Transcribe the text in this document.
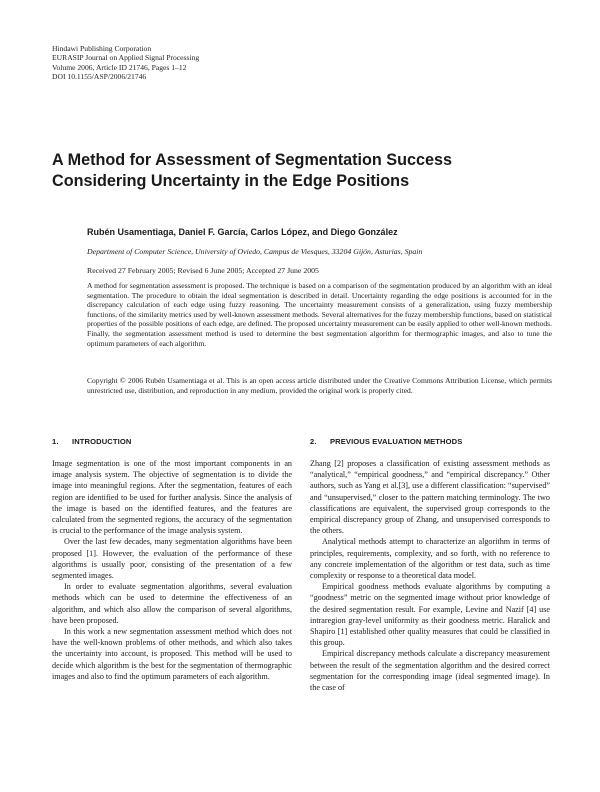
Hindawi Publishing Corporation
EURASIP Journal on Applied Signal Processing
Volume 2006, Article ID 21746, Pages 1–12
DOI 10.1155/ASP/2006/21746
A Method for Assessment of Segmentation Success
Considering Uncertainty in the Edge Positions
Rubén Usamentiaga, Daniel F. García, Carlos López, and Diego González
Department of Computer Science, University of Oviedo, Campus de Viesques, 33204 Gijón, Asturias, Spain
Received 27 February 2005; Revised 6 June 2005; Accepted 27 June 2005
A method for segmentation assessment is proposed. The technique is based on a comparison of the segmentation produced by an algorithm with an ideal segmentation. The procedure to obtain the ideal segmentation is described in detail. Uncertainty regarding the edge positions is accounted for in the discrepancy calculation of each edge using fuzzy reasoning. The uncertainty measurement consists of a generalization, using fuzzy membership functions, of the similarity metrics used by well-known assessment methods. Several alternatives for the fuzzy membership functions, based on statistical properties of the possible positions of each edge, are defined. The proposed uncertainty measurement can be easily applied to other well-known methods. Finally, the segmentation assessment method is used to determine the best segmentation algorithm for thermographic images, and also to tune the optimum parameters of each algorithm.
Copyright © 2006 Rubén Usamentiaga et al. This is an open access article distributed under the Creative Commons Attribution License, which permits unrestricted use, distribution, and reproduction in any medium, provided the original work is properly cited.
1. INTRODUCTION	2. PREVIOUS EVALUATION METHODS

Image segmentation is one of the most important components in an image analysis system. The objective of segmentation is to divide the image into meaningful regions. After the segmentation, features of each region are identified to be used for further analysis. Since the analysis of the image is based on the identified features, and the features are calculated from the segmented regions, the accuracy of the segmentation is crucial to the performance of the image analysis system.

Over the last few decades, many segmentation algorithms have been proposed [1]. However, the evaluation of the performance of these algorithms is usually poor, consisting of the presentation of a few segmented images.

In order to evaluate segmentation algorithms, several evaluation methods which can be used to determine the effectiveness of an algorithm, and which also allow the comparison of several algorithms, have been proposed.

In this work a new segmentation assessment method which does not have the well-known problems of other methods, and which also takes the uncertainty into account, is proposed. This method will be used to decide which algorithm is the best for the segmentation of thermographic images and also to find the optimum parameters of each algorithm.

Zhang [2] proposes a classification of existing assessment methods as “analytical,” “empirical goodness,” and “empirical discrepancy.” Other authors, such as Yang et al.[3], use a different classification: “supervised” and “unsupervised,” closer to the pattern matching terminology. The two classifications are equivalent, the supervised group corresponds to the empirical discrepancy group of Zhang, and unsupervised corresponds to the others.

Analytical methods attempt to characterize an algorithm in terms of principles, requirements, complexity, and so forth, with no reference to any concrete implementation of the algorithm or test data, such as time complexity or response to a theoretical data model.

Empirical goodness methods evaluate algorithms by computing a “goodness” metric on the segmented image without prior knowledge of the desired segmentation result. For example, Levine and Nazif [4] use intraregion gray-level uniformity as their goodness metric. Haralick and Shapiro [1] established other quality measures that could be classified in this group.

Empirical discrepancy methods calculate a discrepancy measurement between the result of the segmentation algorithm and the desired correct segmentation for the corresponding image (ideal segmented image). In the case of
